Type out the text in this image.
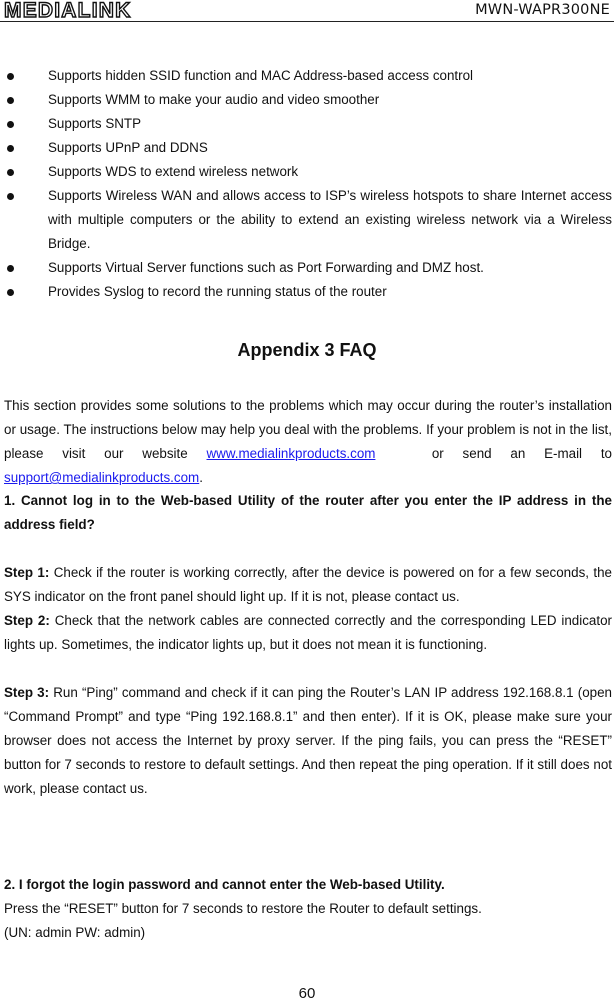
MEDIALINK	MWN-WAPR300NE
Supports hidden SSID function and MAC Address-based access control
Supports WMM to make your audio and video smoother
Supports SNTP
Supports UPnP and DDNS
Supports WDS to extend wireless network
Supports Wireless WAN and allows access to ISP’s wireless hotspots to share Internet access with multiple computers or the ability to extend an existing wireless network via a Wireless Bridge.
Supports Virtual Server functions such as Port Forwarding and DMZ host.
Provides Syslog to record the running status of the router
Appendix 3 FAQ

This section provides some solutions to the problems which may occur during the router’s installation or usage. The instructions below may help you deal with the problems. If your problem is not in the list, please visit our website www.medialinkproducts.com	or send an E-mail to support@medialinkproducts.com.

1. Cannot log in to the Web-based Utility of the router after you enter the IP address in the address field?

Step 1: Check if the router is working correctly, after the device is powered on for a few seconds, the SYS indicator on the front panel should light up. If it is not, please contact us.

Step 2: Check that the network cables are connected correctly and the corresponding LED indicator lights up. Sometimes, the indicator lights up, but it does not mean it is functioning.

Step 3: Run “Ping” command and check if it can ping the Router’s LAN IP address 192.168.8.1 (open “Command Prompt” and type “Ping 192.168.8.1” and then enter). If it is OK, please make sure your browser does not access the Internet by proxy server. If the ping fails, you can press the “RESET” button for 7 seconds to restore to default settings. And then repeat the ping operation. If it still does not work, please contact us.

2. I forgot the login password and cannot enter the Web-based Utility.

Press the “RESET” button for 7 seconds to restore the Router to default settings.

(UN: admin PW: admin)

60
